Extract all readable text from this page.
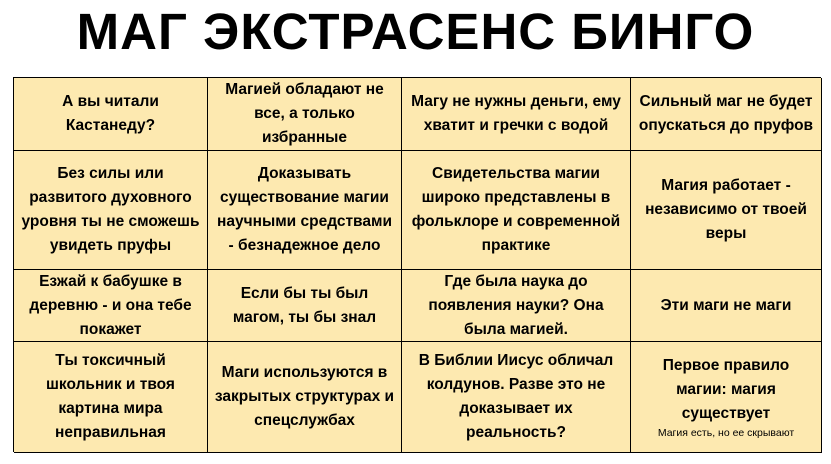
МАГ ЭКСТРАСЕНС БИНГО
А вы читали Кастанеду?
Магией обладают не все, а только избранные
Магу не нужны деньги, ему хватит и гречки с водой
Сильный маг не будет опускаться до пруфов
Без силы или развитого духовного уровня ты не сможешь увидеть пруфы
Доказывать существование магии научными средствами - безнадежное дело
Свидетельства магии широко представлены в фольклоре и современной практике
Магия работает - независимо от твоей веры
Езжай к бабушке в деревню - и она тебе покажет
Если бы ты был магом, ты бы знал
Где была наука до появления науки? Она была магией.
Эти маги не маги
Ты токсичный школьник и твоя картина мира неправильная
Маги используются в закрытых структурах и спецслужбах
В Библии Иисус обличал колдунов. Разве это не доказывает их реальность?
Первое правило магии: магия существует
Магия есть, но ее скрывают
